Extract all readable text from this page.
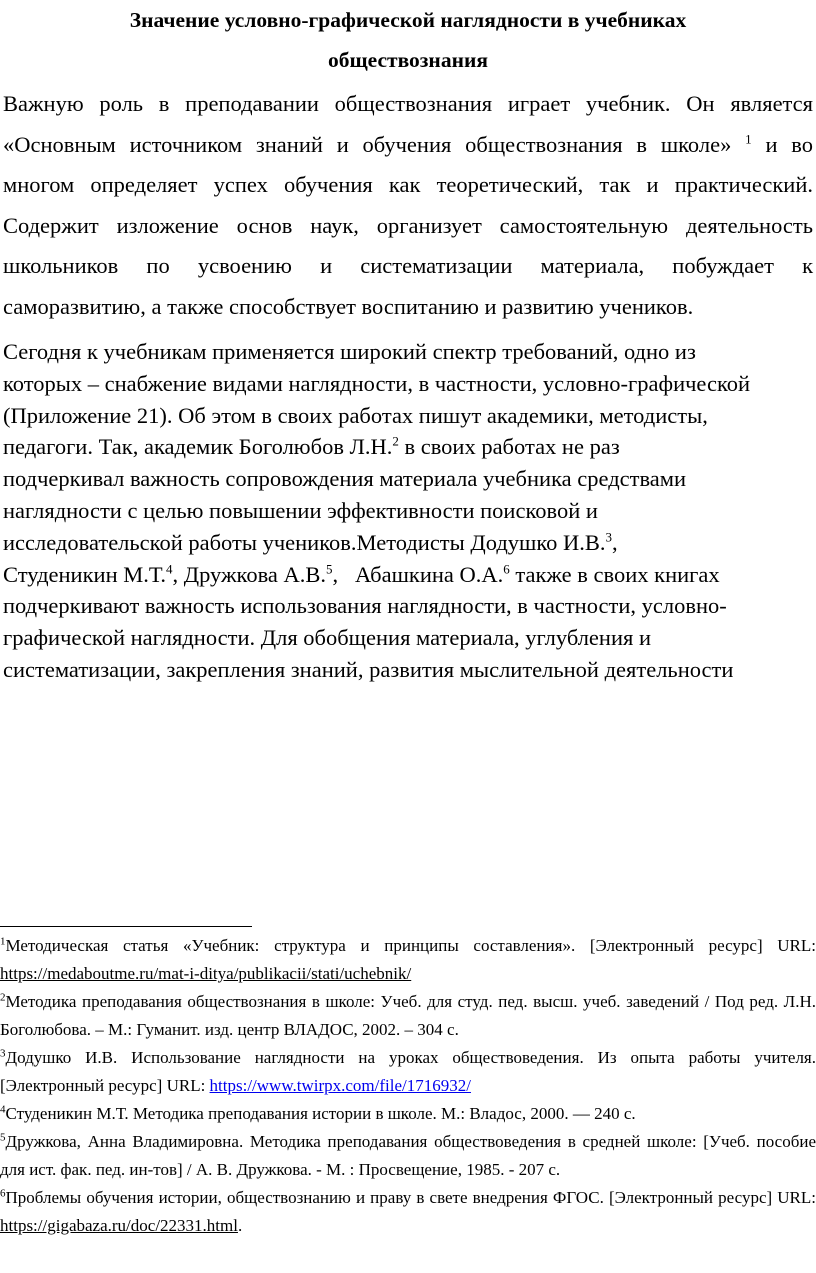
Значение условно-графической наглядности в учебниках
обществознания

Важную роль в преподавании обществознания играет учебник. Он является
«Основным источником знаний и обучения обществознания в школе» $^1$ и во
многом определяет успех обучения как теоретический, так и практический.
Содержит изложение основ наук, организует самостоятельную деятельность
школьников по усвоению и систематизации материала, побуждает к
саморазвитию, а также способствует воспитанию и развитию учеников.

Сегодня к учебникам применяется широкий спектр требований, одно из
которых – снабжение видами наглядности, в частности, условно-графической
(Приложение 21). Об этом в своих работах пишут академики, методисты,
педагоги. Так, академик Боголюбов Л.Н.$^2$ в своих работах не раз
подчеркивал важность сопровождения материала учебника средствами
наглядности с целью повышении эффективности поисковой и
исследовательской работы учеников.Методисты Додушко И.В.$^3$,
Студеникин М.Т.$^4$, Дружкова А.В.$^5$,   Абашкина О.А.$^6$ также в своих книгах
подчеркивают важность использования наглядности, в частности, условно-
графической наглядности. Для обобщения материала, углубления и
систематизации, закрепления знаний, развития мыслительной деятельности

$^1$Методическая статья «Учебник: структура и принципы составления». [Электронный ресурс] URL:
https://medaboutme.ru/mat-i-ditya/publikacii/stati/uchebnik/
$^2$Методика преподавания обществознания в школе: Учеб. для студ. пед. высш. учеб. заведений / Под ред. Л.Н.
Боголюбова. – М.: Гуманит. изд. центр ВЛАДОС, 2002. – 304 с.
$^3$Додушко И.В. Использование наглядности на уроках обществоведения. Из опыта работы учителя.
[Электронный ресурс] URL: https://www.twirpx.com/file/1716932/
$^4$Студеникин М.Т. Методика преподавания истории в школе. М.: Владос, 2000. — 240 с.
$^5$Дружкова, Анна Владимировна. Методика преподавания обществоведения в средней школе: [Учеб. пособие
для ист. фак. пед. ин-тов] / А. В. Дружкова. - М. : Просвещение, 1985. - 207 с.
$^6$Проблемы обучения истории, обществознанию и праву в свете внедрения ФГОС. [Электронный ресурс] URL:
https://gigabaza.ru/doc/22331.html.
